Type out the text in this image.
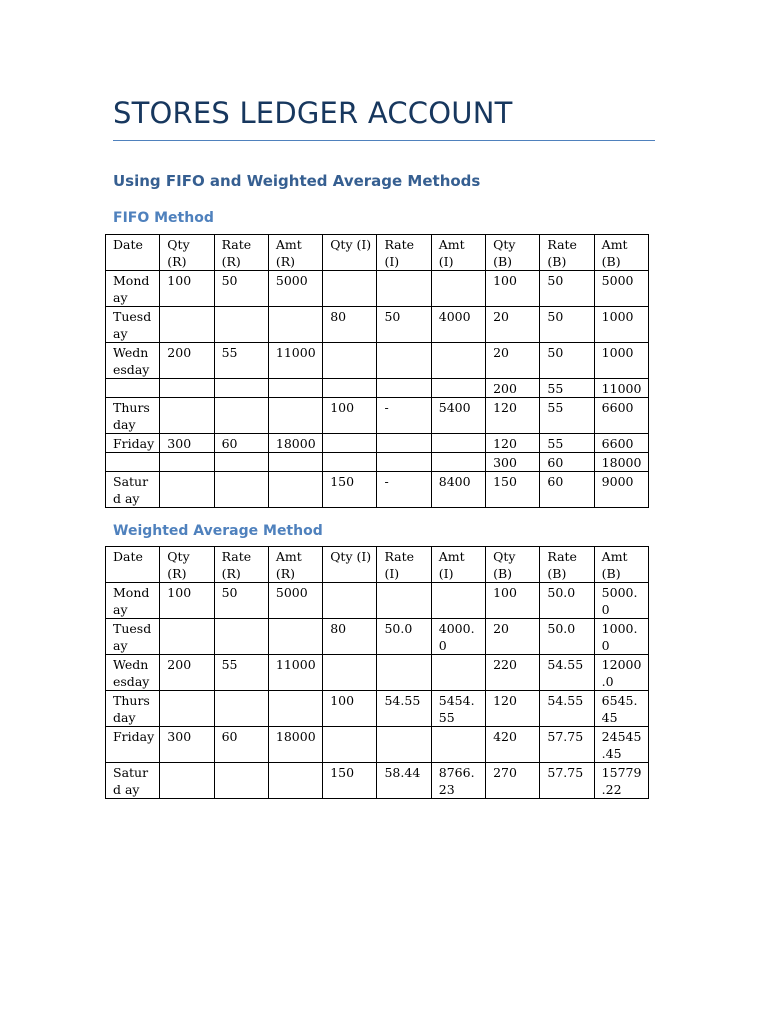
STORES LEDGER ACCOUNT
Using FIFO and Weighted Average Methods
FIFO Method
Date	Qty (R)	Rate (R)	Amt (R)	Qty (I)	Rate (I)	Amt (I)	Qty (B)	Rate (B)	Amt (B)
Mond ay	100	50	5000				100	50	5000
Tuesd ay				80	50	4000	20	50	1000
Wedn esday	200	55	11000				20	50	1000
							200	55	11000
Thurs day				100	-	5400	120	55	6600
Friday	300	60	18000				120	55	6600
							300	60	18000
Saturd ay				150	-	8400	150	60	9000
Weighted Average Method
Date	Qty (R)	Rate (R)	Amt (R)	Qty (I)	Rate (I)	Amt (I)	Qty (B)	Rate (B)	Amt (B)
Mond ay	100	50	5000				100	50.0	5000. 0
Tuesd ay				80	50.0	4000. 0	20	50.0	1000. 0
Wedn esday	200	55	11000				220	54.55	12000 .0
Thurs day				100	54.55	5454. 55	120	54.55	6545. 45
Friday	300	60	18000				420	57.75	24545 .45
Saturd ay				150	58.44	8766. 23	270	57.75	15779 .22
